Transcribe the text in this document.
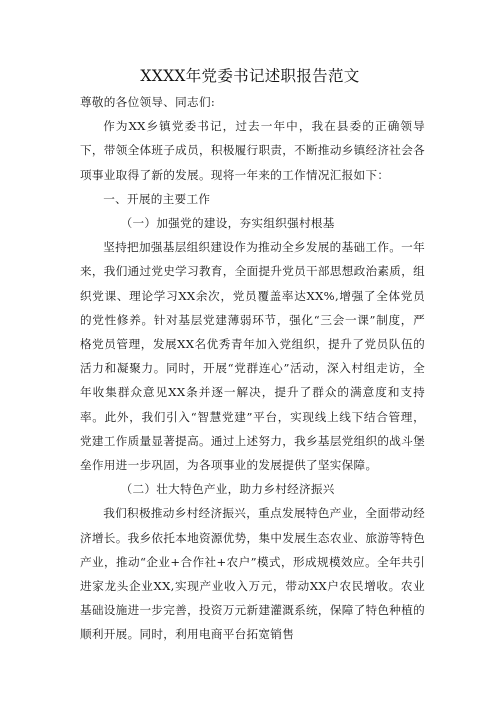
XXXX年党委书记述职报告范文

尊敬的各位领导、同志们:

作为XX乡镇党委书记，过去一年中，我在县委的正确领导下，带领全体班子成员，积极履行职责，不断推动乡镇经济社会各项事业取得了新的发展。现将一年来的工作情况汇报如下：

一、开展的主要工作

（一）加强党的建设，夯实组织强村根基

坚持把加强基层组织建设作为推动全乡发展的基础工作。一年来，我们通过党史学习教育，全面提升党员干部思想政治素质，组织党课、理论学习XX余次，党员覆盖率达XX%,增强了全体党员的党性修养。针对基层党建薄弱环节，强化“三会一课”制度，严格党员管理，发展XX名优秀青年加入党组织，提升了党员队伍的活力和凝聚力。同时，开展“党群连心”活动，深入村组走访，全年收集群众意见XX条并逐一解决，提升了群众的满意度和支持率。此外，我们引入“智慧党建”平台，实现线上线下结合管理，党建工作质量显著提高。通过上述努力，我乡基层党组织的战斗堡垒作用进一步巩固，为各项事业的发展提供了坚实保障。

（二）壮大特色产业，助力乡村经济振兴

我们积极推动乡村经济振兴，重点发展特色产业，全面带动经济增长。我乡依托本地资源优势，集中发展生态农业、旅游等特色产业，推动“企业+合作社+农户”模式，形成规模效应。全年共引进家龙头企业XX,实现产业收入万元，带动XX户农民增收。农业基础设施进一步完善，投资万元新建灌溉系统，保障了特色种植的顺利开展。同时，利用电商平台拓宽销售
